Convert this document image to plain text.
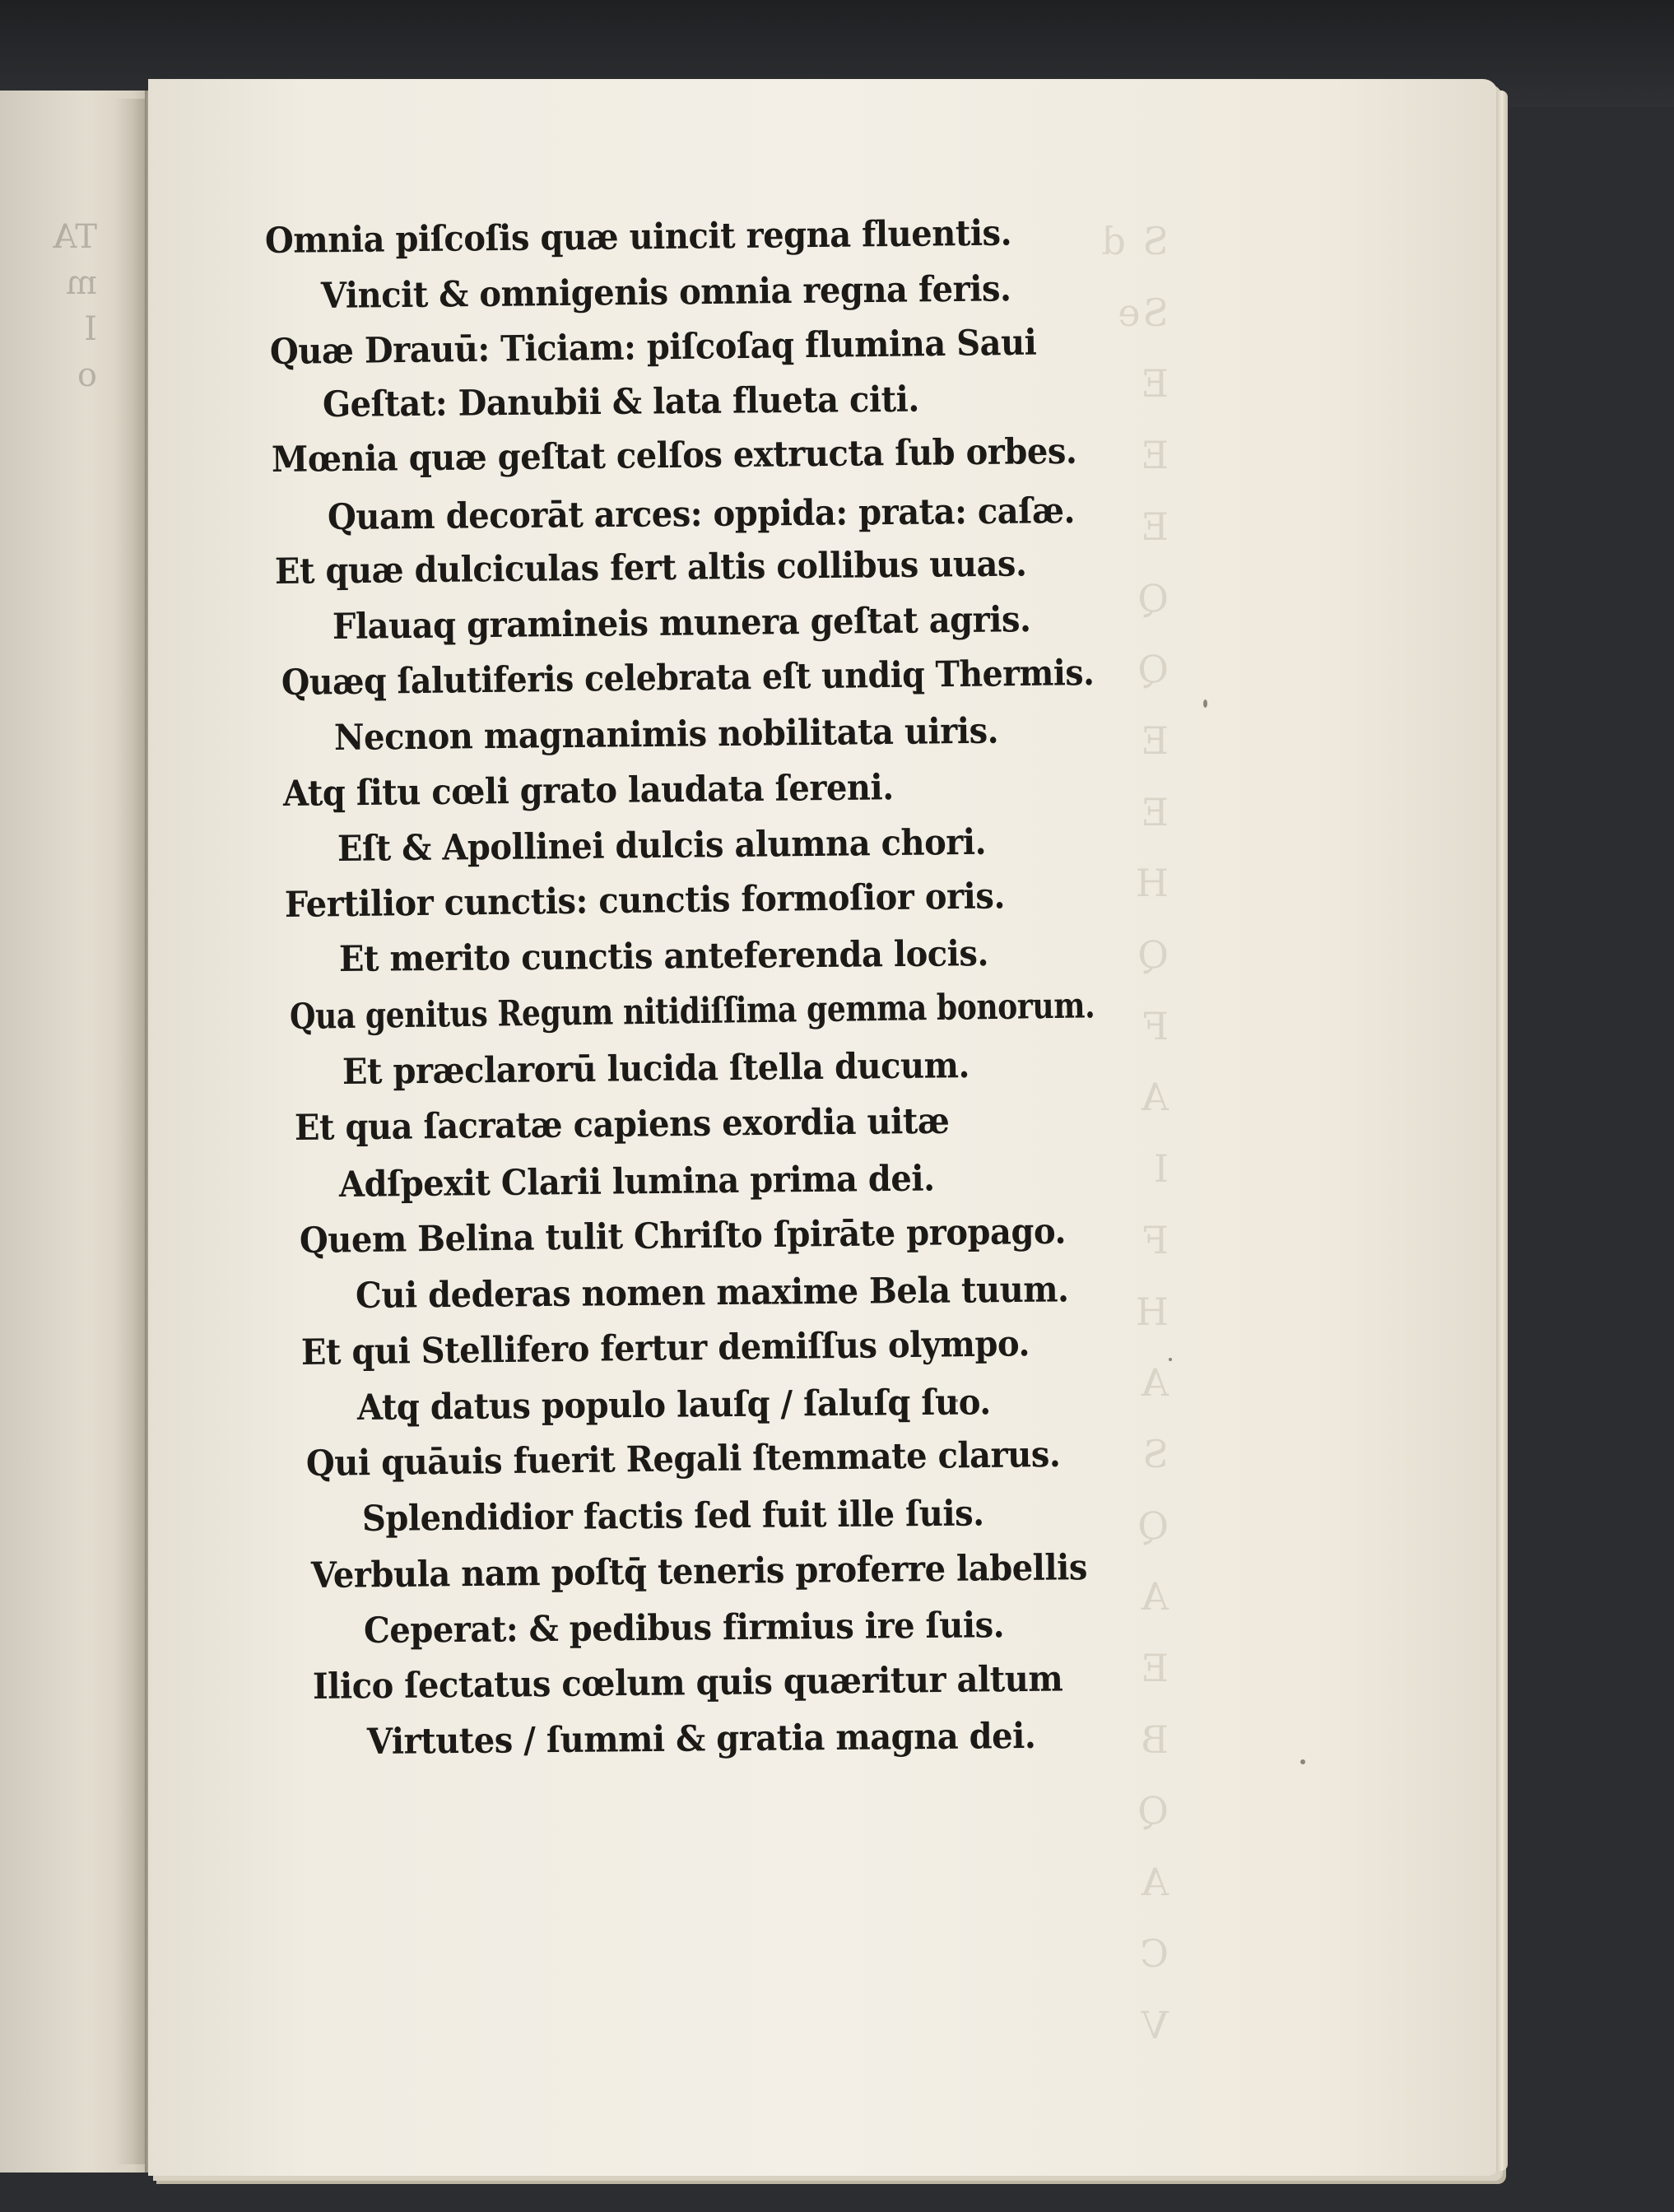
TA
m
I
o

Omnia piſcoſis quæ uincit regna fluentis.

Vincit & omnigenis omnia regna feris.

Quæ Drauū: Ticiam: piſcoſaq̧ flumina Saui

Geſtat: Danubii & lata flueta citi.

Mœnia quæ geſtat celſos extructa ſub orbes.

Quam decorāt arces: oppida: prata: caſæ.

Et quæ dulciculas fert altis collibus uuas.

Flauaq̧ gramineis munera geſtat agris.

Quæq̧ ſalutiferis celebrata eſt undiq̧ Thermis.

Necnon magnanimis nobilitata uiris.

Atq̧ ſitu cœli grato laudata ſereni.

Eſt & Apollinei dulcis alumna chori.

Fertilior cunctis: cunctis formoſior oris.

Et merito cunctis anteferenda locis.

Qua genitus Regum nitidiſſima gemma bonorum.

Et præclarorū lucida ſtella ducum.

Et qua ſacratæ capiens exordia uitæ

Adſpexit Clarii lumina prima dei.

Quem Belina tulit Chriſto ſpirāte propago.

Cui dederas nomen maxime Bela tuum.

Et qui Stellifero fertur demiſſus olympo.

Atq̧ datus populo lauſq̧ / ſaluſq̧ ſuo.

Qui quāuis fuerit Regali ſtemmate clarus.

Splendidior factis ſed fuit ille ſuis.

Verbula nam poſtq̄ teneris proferre labellis

Ceperat: & pedibus firmius ire ſuis.

Ilico ſectatus cœlum quis quæritur altum

Virtutes / ſummi & gratia magna dei.
